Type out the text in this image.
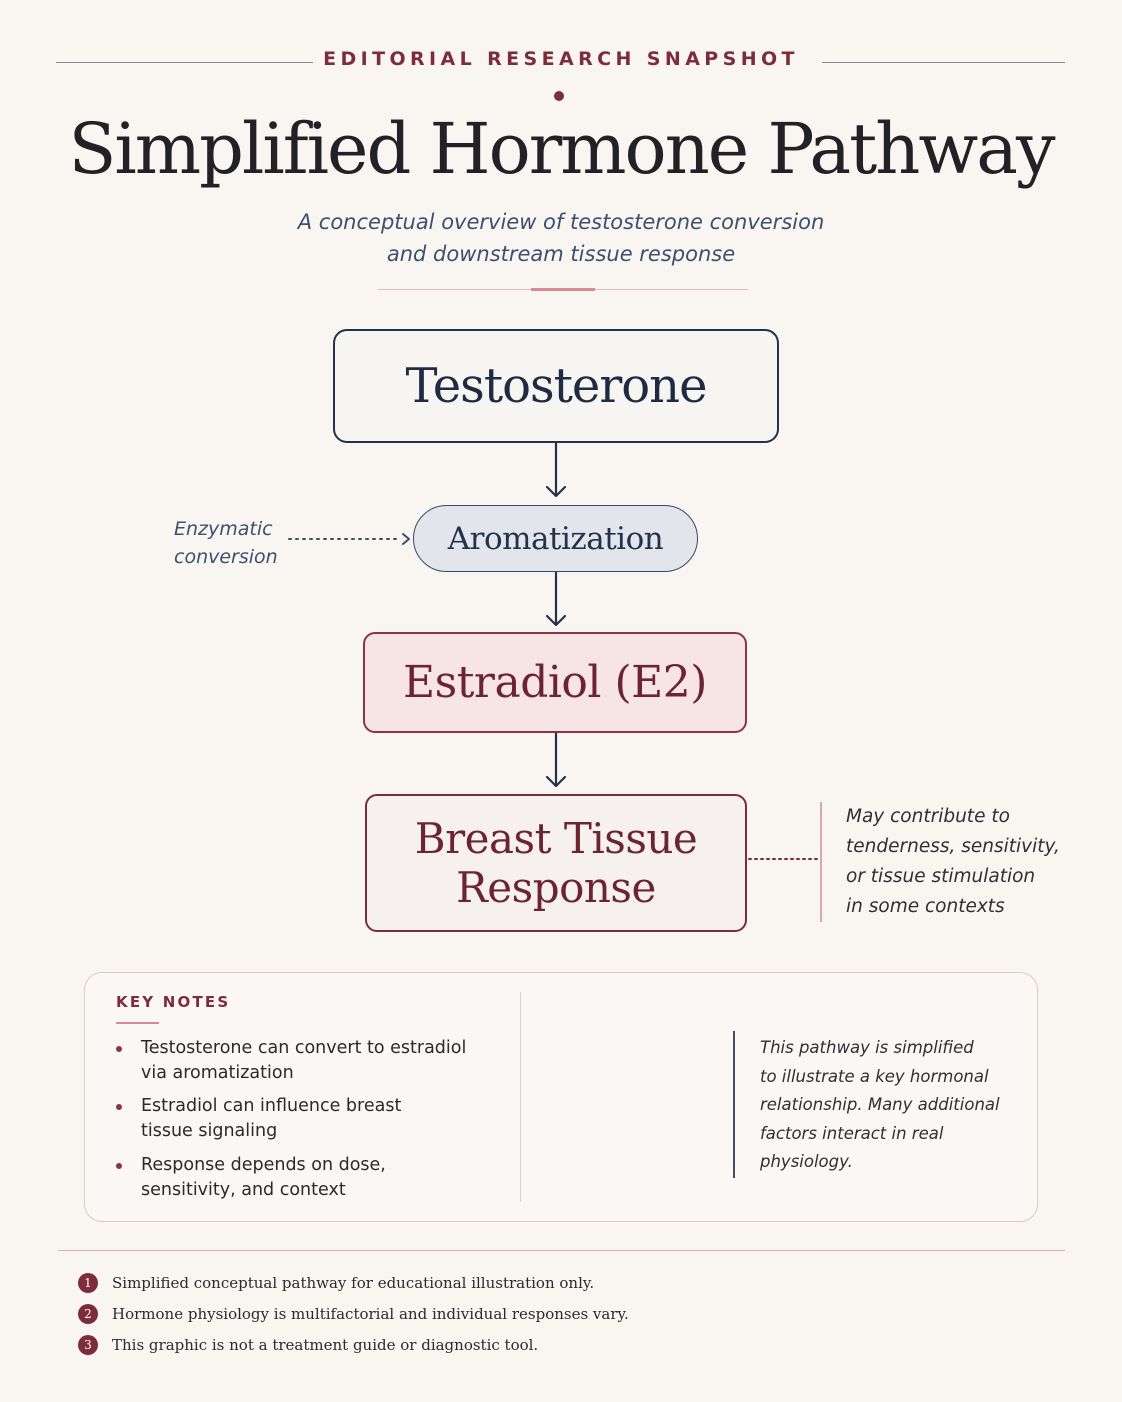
EDITORIAL RESEARCH SNAPSHOT
Simplified Hormone Pathway
A conceptual overview of testosterone conversion
and downstream tissue response
Testosterone
Aromatization
Estradiol (E2)
Breast Tissue
Response
Enzymatic
conversion
May contribute to
tenderness, sensitivity,
or tissue stimulation
in some contexts
KEY NOTES
Testosterone can convert to estradiol
via aromatization
Estradiol can influence breast
tissue signaling
Response depends on dose,
sensitivity, and context
This pathway is simplified
to illustrate a key hormonal
relationship. Many additional
factors interact in real
physiology.
1	Simplified conceptual pathway for educational illustration only.
2	Hormone physiology is multifactorial and individual responses vary.
3	This graphic is not a treatment guide or diagnostic tool.
